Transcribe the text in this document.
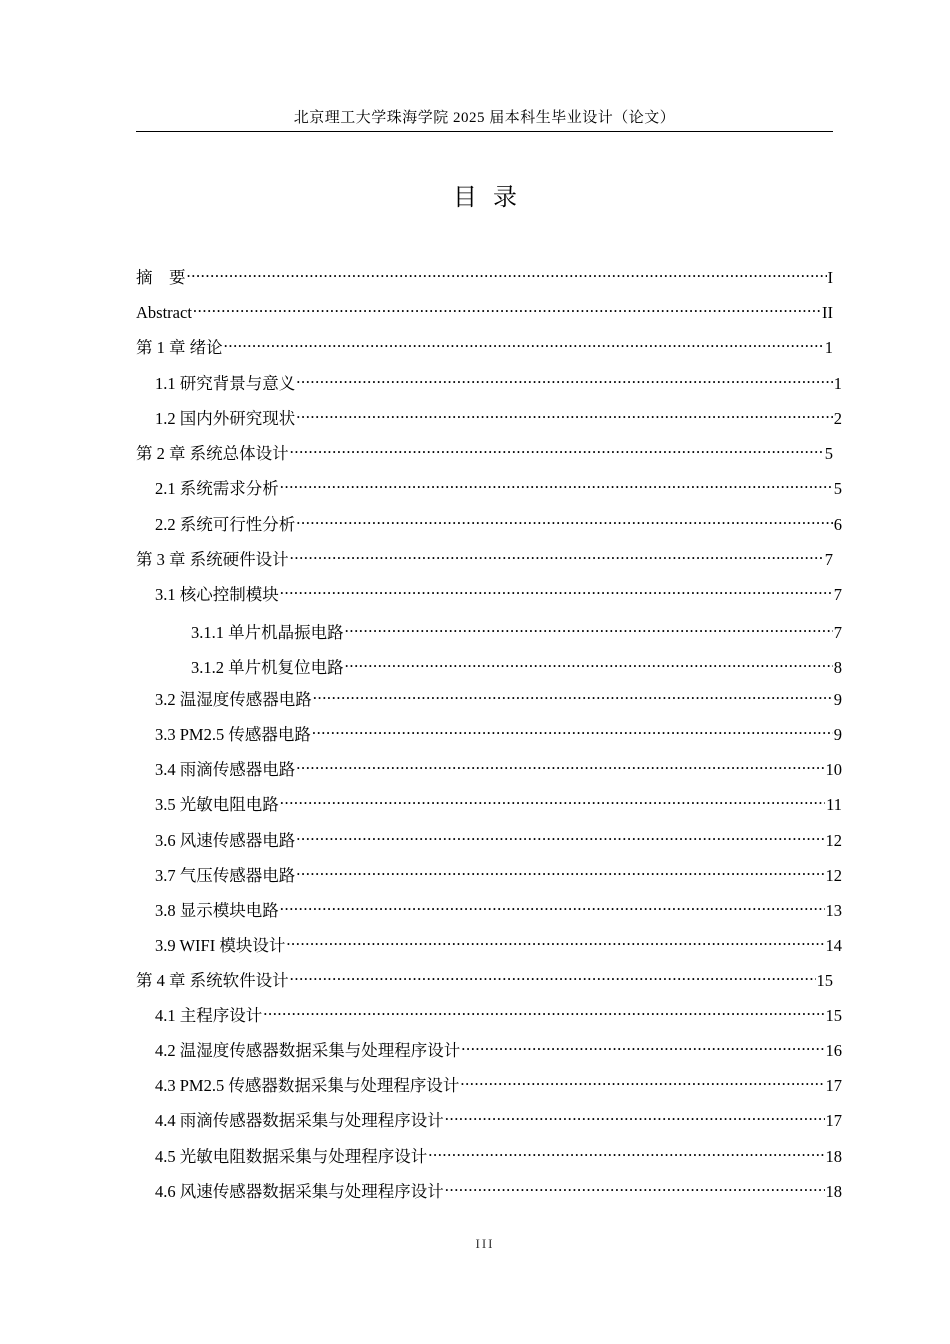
北京理工大学珠海学院 2025 届本科生毕业设计（论文）
目 录
摘　要 .....	I
Abstract .....	II
第 1 章 绪论 .....	1
1.1 研究背景与意义 .....	1
1.2 国内外研究现状 .....	2
第 2 章 系统总体设计 .....	5
2.1 系统需求分析 .....	5
2.2 系统可行性分析 .....	6
第 3 章 系统硬件设计 .....	7
3.1 核心控制模块 .....	7
3.1.1 单片机晶振电路 .....	7
3.1.2 单片机复位电路 .....	8
3.2 温湿度传感器电路 .....	9
3.3 PM2.5 传感器电路 .....	9
3.4 雨滴传感器电路 .....	10
3.5 光敏电阻电路 .....	11
3.6 风速传感器电路 .....	12
3.7 气压传感器电路 .....	12
3.8 显示模块电路 .....	13
3.9 WIFI 模块设计 .....	14
第 4 章 系统软件设计 .....	15
4.1 主程序设计 .....	15
4.2 温湿度传感器数据采集与处理程序设计 .....	16
4.3 PM2.5 传感器数据采集与处理程序设计 .....	17
4.4 雨滴传感器数据采集与处理程序设计 .....	17
4.5 光敏电阻数据采集与处理程序设计 .....	18
4.6 风速传感器数据采集与处理程序设计 .....	18
III
